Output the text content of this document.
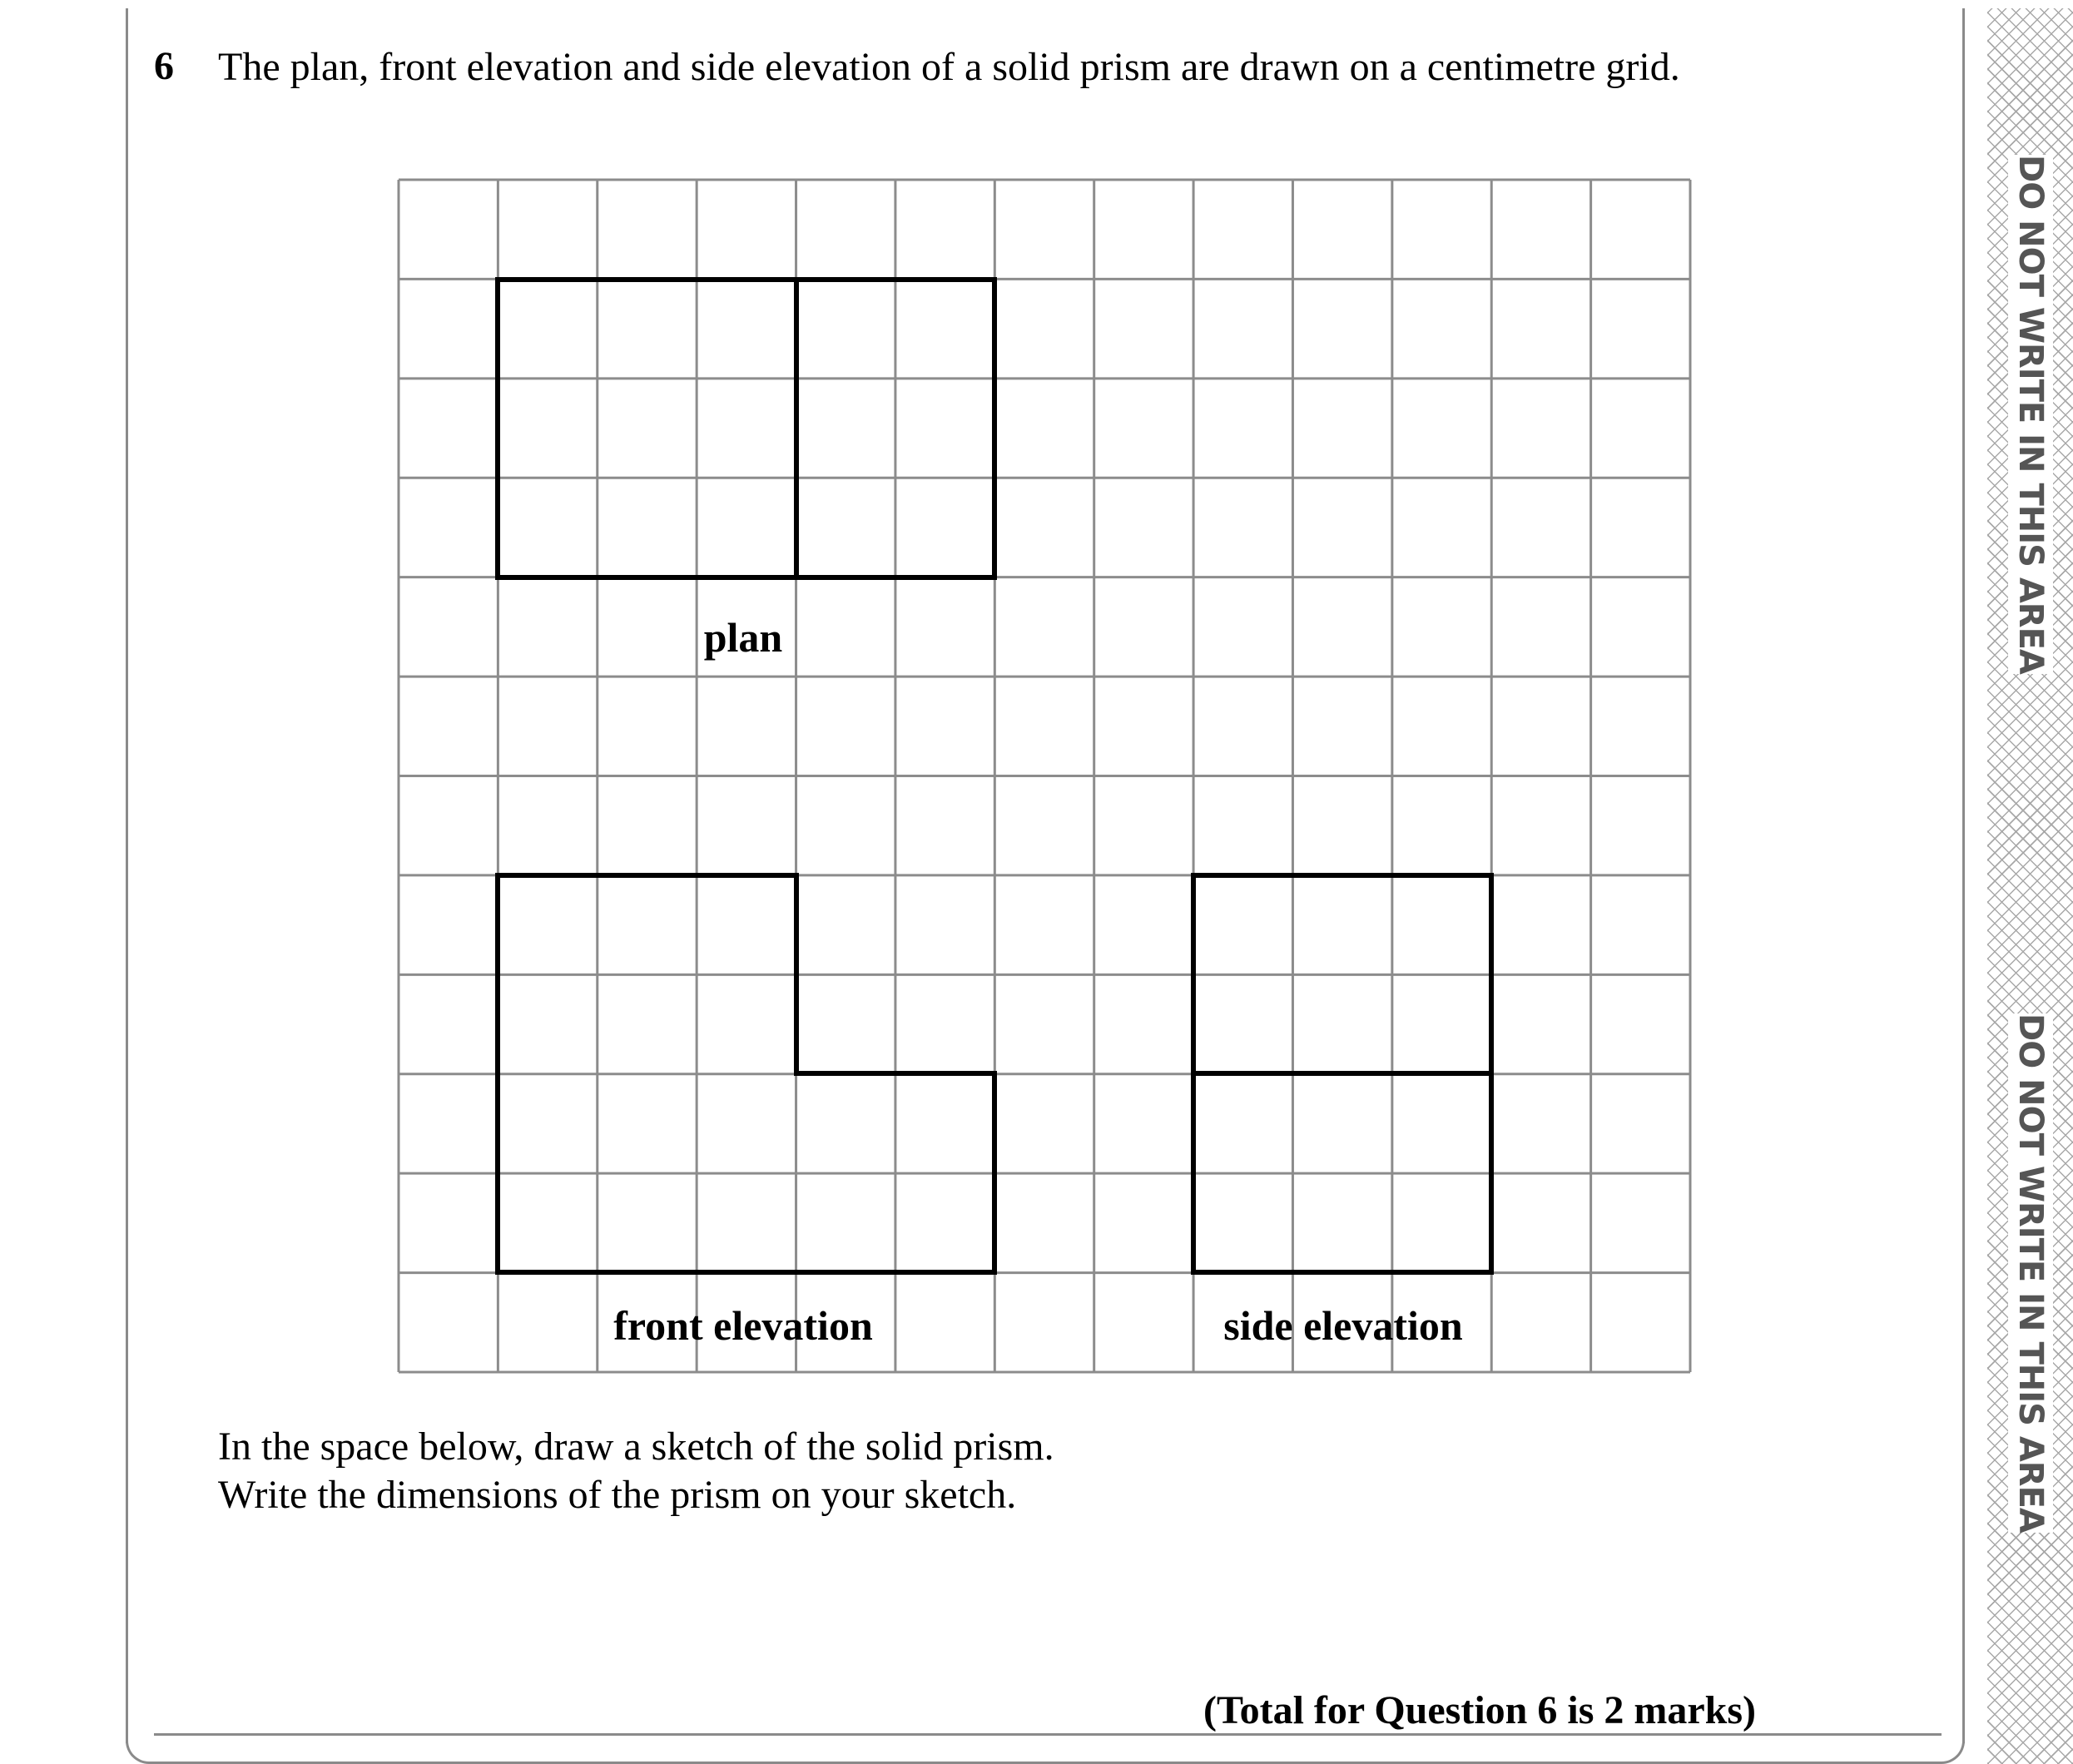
6 The plan, front elevation and side elevation of a solid prism are drawn on a centimetre grid.
plan
front elevation	side elevation
In the space below, draw a sketch of the solid prism.
Write the dimensions of the prism on your sketch.
(Total for Question 6 is 2 marks)
DO NOT WRITE IN THIS AREA
DO NOT WRITE IN THIS AREA
